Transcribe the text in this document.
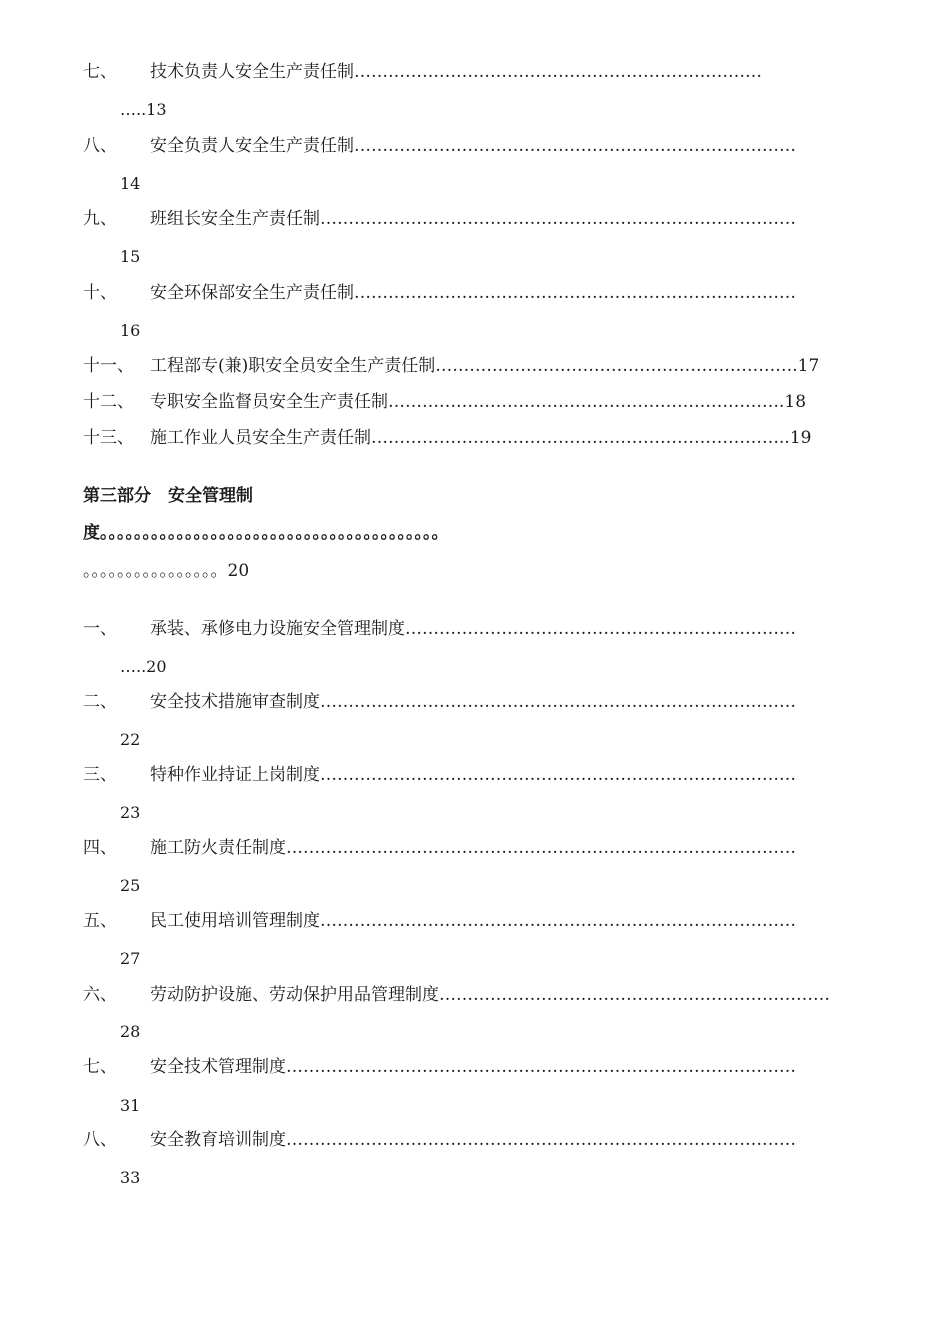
七、 技术负责人安全生产责任制………………………………………………………………
…..13
八、 安全负责人安全生产责任制……………………………………………………………………
14
九、 班组长安全生产责任制…………………………………………………………………………
15
十、 安全环保部安全生产责任制……………………………………………………………………
16
十一、 工程部专(兼)职安全员安全生产责任制……………………………………………………….17
十二、 专职安全监督员安全生产责任制…………………………………………………………….18
十三、 施工作业人员安全生产责任制………………………………………………………………..19
第三部分　安全管理制
度。。。。。。。。。。。。。。。。。。。。。。。。。。。。。。。。。。。。。。。。
。。。。。。。。。。。。。。。。20
一、 承装、承修电力设施安全管理制度……………………………………………………………
…..20
二、 安全技术措施审查制度…………………………………………………………………………
22
三、 特种作业持证上岗制度…………………………………………………………………………
23
四、 施工防火责任制度………………………………………………………………………………
25
五、 民工使用培训管理制度…………………………………………………………………………
27
六、 劳动防护设施、劳动保护用品管理制度……………………………………………………………
28
七、 安全技术管理制度………………………………………………………………………………
31
八、 安全教育培训制度………………………………………………………………………………
33
